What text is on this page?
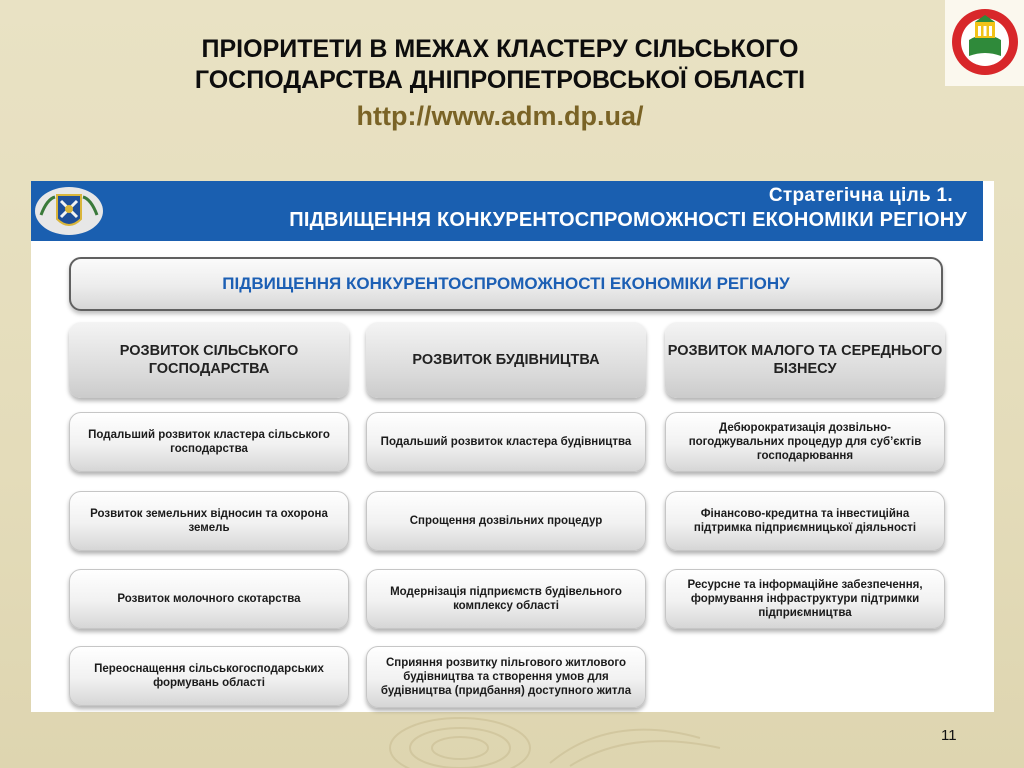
ПРІОРИТЕТИ В МЕЖАХ КЛАСТЕРУ СІЛЬСЬКОГО
ГОСПОДАРСТВА ДНІПРОПЕТРОВСЬКОЇ ОБЛАСТІ
http://www.adm.dp.ua/
Стратегічна ціль 1.
ПІДВИЩЕННЯ КОНКУРЕНТОСПРОМОЖНОСТІ ЕКОНОМІКИ РЕГІОНУ
ПІДВИЩЕННЯ КОНКУРЕНТОСПРОМОЖНОСТІ ЕКОНОМІКИ РЕГІОНУ
РОЗВИТОК СІЛЬСЬКОГО ГОСПОДАРСТВА
РОЗВИТОК БУДІВНИЦТВА
РОЗВИТОК МАЛОГО ТА СЕРЕДНЬОГО БІЗНЕСУ
Подальший розвиток кластера сільського господарства
Розвиток земельних відносин та охорона земель
Розвиток молочного скотарства
Переоснащення сільськогосподарських формувань області
Подальший розвиток кластера будівництва
Спрощення дозвільних процедур
Модернізація підприємств будівельного комплексу області
Сприяння розвитку пільгового житлового будівництва та створення умов для будівництва (придбання) доступного житла
Дебюрократизація дозвільно-погоджувальних процедур для суб’єктів господарювання
Фінансово-кредитна та інвестиційна підтримка підприємницької діяльності
Ресурсне та інформаційне забезпечення, формування інфраструктури підтримки підприємництва
11
